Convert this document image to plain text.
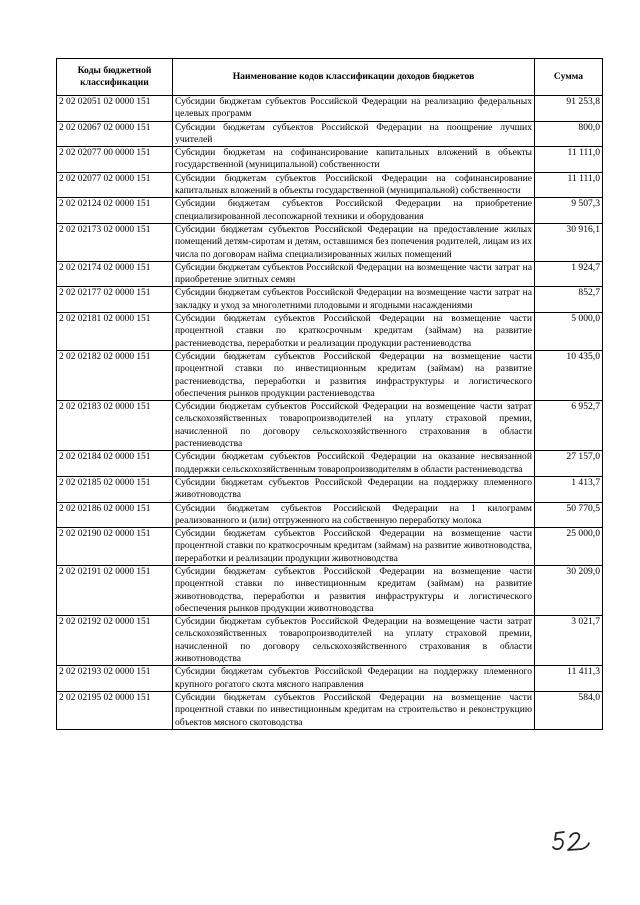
Коды бюджетной классификации	Наименование кодов классификации доходов бюджетов	Сумма
2 02 02051 02 0000 151	Субсидии бюджетам субъектов Российской Федерации на реализацию федеральных целевых программ	91 253,8
2 02 02067 02 0000 151	Субсидии бюджетам субъектов Российской Федерации на поощрение лучших учителей	800,0
2 02 02077 00 0000 151	Субсидии бюджетам на софинансирование капитальных вложений в объекты государственной (муниципальной) собственности	11 111,0
2 02 02077 02 0000 151	Субсидии бюджетам субъектов Российской Федерации на софинансирование капитальных вложений в объекты государственной (муниципальной) собственности	11 111,0
2 02 02124 02 0000 151	Субсидии бюджетам субъектов Российской Федерации на приобретение специализированной лесопожарной техники и оборудования	9 507,3
2 02 02173 02 0000 151	Субсидии бюджетам субъектов Российской Федерации на предоставление жилых помещений детям-сиротам и детям, оставшимся без попечения родителей, лицам из их числа по договорам найма специализированных жилых помещений	30 916,1
2 02 02174 02 0000 151	Субсидии бюджетам субъектов Российской Федерации на возмещение части затрат на приобретение элитных семян	1 924,7
2 02 02177 02 0000 151	Субсидии бюджетам субъектов Российской Федерации на возмещение части затрат на закладку и уход за многолетними плодовыми и ягодными насаждениями	852,7
2 02 02181 02 0000 151	Субсидии бюджетам субъектов Российской Федерации на возмещение части процентной ставки по краткосрочным кредитам (займам) на развитие растениеводства, переработки и реализации продукции растениеводства	5 000,0
2 02 02182 02 0000 151	Субсидии бюджетам субъектов Российской Федерации на возмещение части процентной ставки по инвестиционным кредитам (займам) на развитие растениеводства, переработки и развития инфраструктуры и логистического обеспечения рынков продукции растениеводства	10 435,0
2 02 02183 02 0000 151	Субсидии бюджетам субъектов Российской Федерации на возмещение части затрат сельскохозяйственных товаропроизводителей на уплату страховой премии, начисленной по договору сельскохозяйственного страхования в области растениеводства	6 952,7
2 02 02184 02 0000 151	Субсидии бюджетам субъектов Российской Федерации на оказание несвязанной поддержки сельскохозяйственным товаропроизводителям в области растениеводства	27 157,0
2 02 02185 02 0000 151	Субсидии бюджетам субъектов Российской Федерации на поддержку племенного животноводства	1 413,7
2 02 02186 02 0000 151	Субсидии бюджетам субъектов Российской Федерации на 1 килограмм реализованного и (или) отгруженного на собственную переработку молока	50 770,5
2 02 02190 02 0000 151	Субсидии бюджетам субъектов Российской Федерации на возмещение части процентной ставки по краткосрочным кредитам (займам) на развитие животноводства, переработки и реализации продукции животноводства	25 000,0
2 02 02191 02 0000 151	Субсидии бюджетам субъектов Российской Федерации на возмещение части процентной ставки по инвестиционным кредитам (займам) на развитие животноводства, переработки и развития инфраструктуры и логистического обеспечения рынков продукции животноводства	30 209,0
2 02 02192 02 0000 151	Субсидии бюджетам субъектов Российской Федерации на возмещение части затрат сельскохозяйственных товаропроизводителей на уплату страховой премии, начисленной по договору сельскохозяйственного страхования в области животноводства	3 021,7
2 02 02193 02 0000 151	Субсидии бюджетам субъектов Российской Федерации на поддержку племенного крупного рогатого скота мясного направления	11 411,3
2 02 02195 02 0000 151	Субсидии бюджетам субъектов Российской Федерации на возмещение части процентной ставки по инвестиционным кредитам на строительство и реконструкцию объектов мясного скотоводства	584,0
